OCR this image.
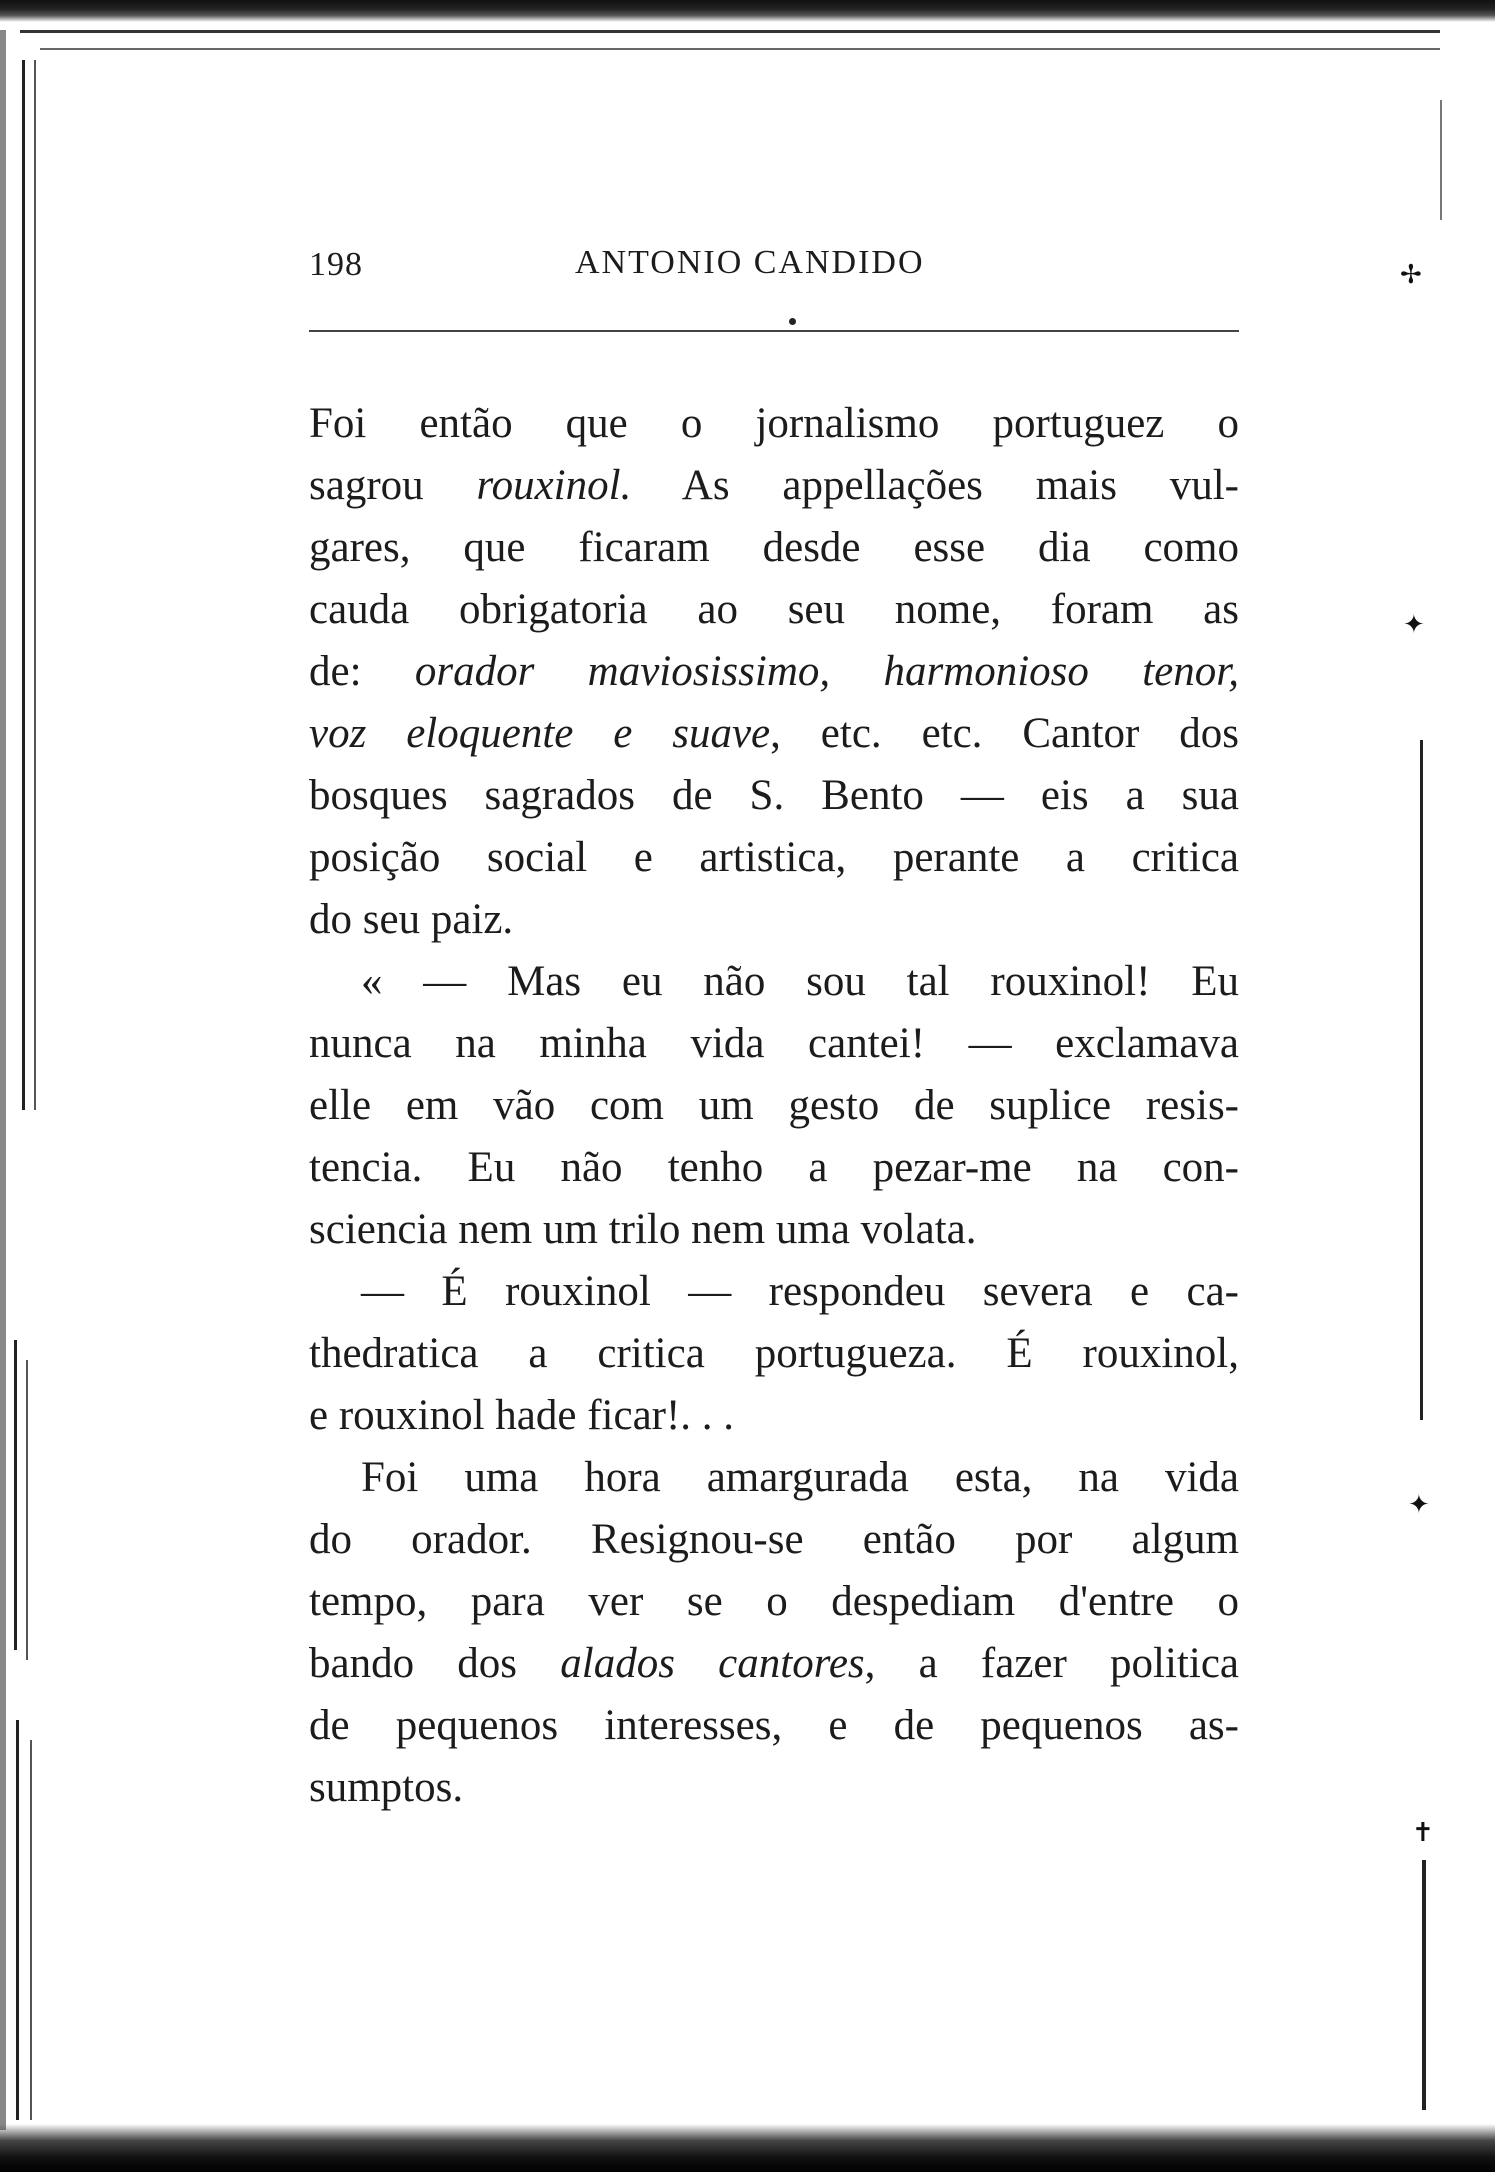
✢
✦
✦
✝
198	ANTONIO CANDIDO
Foi então que o jornalismo portuguez o
sagrou rouxinol. As appellações mais vul-
gares, que ficaram desde esse dia como
cauda obrigatoria ao seu nome, foram as
de: orador maviosissimo, harmonioso tenor,
voz eloquente e suave, etc. etc. Cantor dos
bosques sagrados de S. Bento — eis a sua
posição social e artistica, perante a critica
do seu paiz.
« — Mas eu não sou tal rouxinol! Eu
nunca na minha vida cantei! — exclamava
elle em vão com um gesto de suplice resis-
tencia. Eu não tenho a pezar-me na con-
sciencia nem um trilo nem uma volata.
— É rouxinol — respondeu severa e ca-
thedratica a critica portugueza. É rouxinol,
e rouxinol hade ficar!. . .
Foi uma hora amargurada esta, na vida
do orador. Resignou-se então por algum
tempo, para ver se o despediam d'entre o
bando dos alados cantores, a fazer politica
de pequenos interesses, e de pequenos as-
sumptos.
